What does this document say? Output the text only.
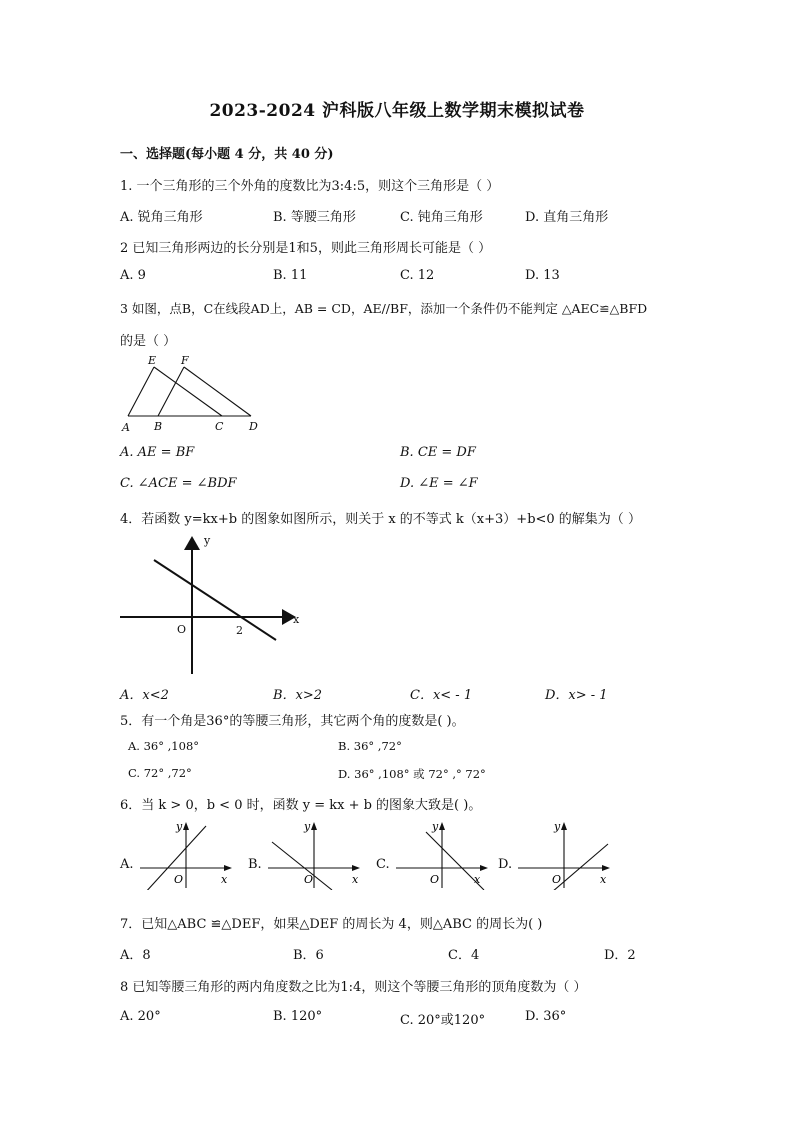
2023-2024 沪科版八年级上数学期末模拟试卷
一、选择题(每小题 4 分，共 40 分)
1. 一个三角形的三个外角的度数比为3:4:5，则这个三角形是（ ）
A. 锐角三角形	B. 等腰三角形	C. 钝角三角形	D. 直角三角形
2 已知三角形两边的长分别是1和5，则此三角形周长可能是（ ）
A. 9	B. 11	C. 12	D. 13
3 如图，点B，C在线段AD上，AB = CD，AE//BF，添加一个条件仍不能判定 △AEC≌△BFD
的是（ ）
E F
A B	C D
A. AE = BF	B. CE = DF
C. ∠ACE = ∠BDF	D. ∠E = ∠F
4．若函数 y=kx+b 的图象如图所示，则关于 x 的不等式 k（x+3）+b<0 的解集为（ ）
y
x
O	2
A．x<2	B．x>2	C．x< - 1	D．x> - 1
5．有一个角是36°的等腰三角形，其它两个角的度数是( )。
A. 36° ,108°	B. 36° ,72°
C. 72° ,72°	D. 36° ,108° 或 72° ,° 72°
6．当 k > 0，b < 0 时，函数 y = kx + b 的图象大致是( )。
A.
y
x
O
B.
y
x
O
C.
y
x
O
D.
y
x
O
7．已知△ABC ≌△DEF，如果△DEF 的周长为 4，则△ABC 的周长为( )
A．8	B．6	C．4	D．2
8 已知等腰三角形的两内角度数之比为1:4，则这个等腰三角形的顶角度数为（ ）
A. 20°	B. 120°	C. 20°或120°	D. 36°
